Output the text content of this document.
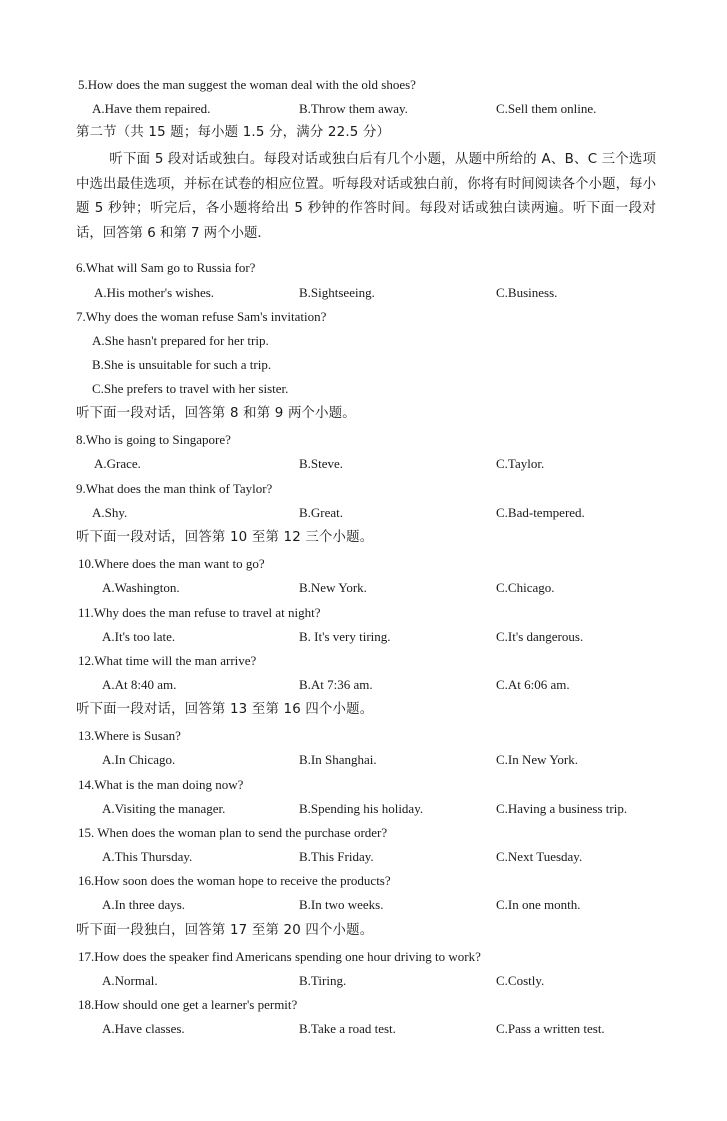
5.How does the man suggest the woman deal with the old shoes?
A.Have them repaired.	B.Throw them away.	C.Sell them online.
第二节（共 15 题；每小题 1.5 分，满分 22.5 分）
听下面 5 段对话或独白。每段对话或独白后有几个小题，从题中所给的 A、B、C 三个选项中选出最佳选项，并标在试卷的相应位置。听每段对话或独白前，你将有时间阅读各个小题，每小题 5 秒钟；听完后，各小题将给出 5 秒钟的作答时间。每段对话或独白读两遍。听下面一段对话，回答第 6 和第 7 两个小题．
6.What will Sam go to Russia for?
A.His mother's wishes.	B.Sightseeing.	C.Business.
7.Why does the woman refuse Sam's invitation?
A.She hasn't prepared for her trip.
B.She is unsuitable for such a trip.
C.She prefers to travel with her sister.
听下面一段对话，回答第 8 和第 9 两个小题。
8.Who is going to Singapore?
A.Grace.	B.Steve.	C.Taylor.
9.What does the man think of Taylor?
A.Shy.	B.Great.	C.Bad-tempered.
听下面一段对话，回答第 10 至第 12 三个小题。
10.Where does the man want to go?
A.Washington.	B.New York.	C.Chicago.
11.Why does the man refuse to travel at night?
A.It's too late.	B. It's very tiring.	C.It's dangerous.
12.What time will the man arrive?
A.At 8:40 am.	B.At 7:36 am.	C.At 6:06 am.
听下面一段对话，回答第 13 至第 16 四个小题。
13.Where is Susan?
A.In Chicago.	B.In Shanghai.	C.In New York.
14.What is the man doing now?
A.Visiting the manager.	B.Spending his holiday.	C.Having a business trip.
15. When does the woman plan to send the purchase order?
A.This Thursday.	B.This Friday.	C.Next Tuesday.
16.How soon does the woman hope to receive the products?
A.In three days.	B.In two weeks.	C.In one month.
听下面一段独白，回答第 17 至第 20 四个小题。
17.How does the speaker find Americans spending one hour driving to work?
A.Normal.	B.Tiring.	C.Costly.
18.How should one get a learner's permit?
A.Have classes.	B.Take a road test.	C.Pass a written test.
